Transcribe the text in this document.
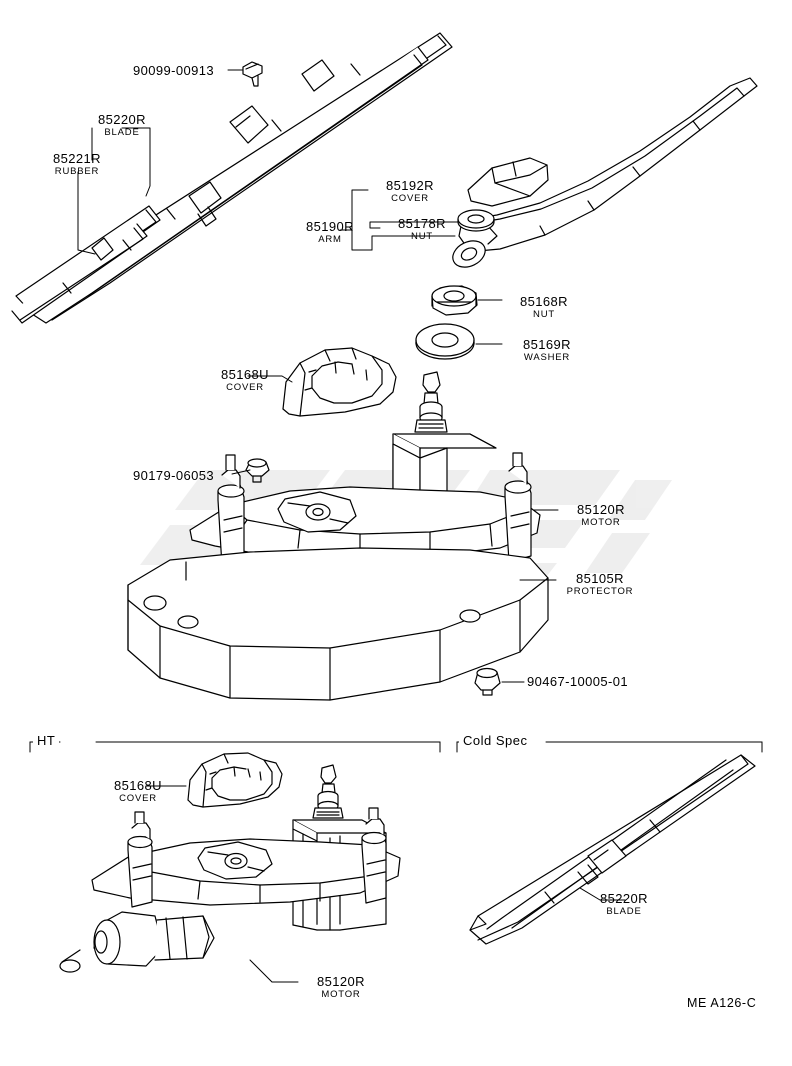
90099-00913
85220R
BLADE
85221R
RUBBER
85192R
COVER
85190R
ARM
85178R
NUT
85168R
NUT
85169R
WASHER
85168U
COVER
90179-06053
85120R
MOTOR
85105R
PROTECTOR
90467-10005-01
85168U
COVER
85120R
MOTOR
85220R
BLADE
HT	Cold Spec
ME A126-C
